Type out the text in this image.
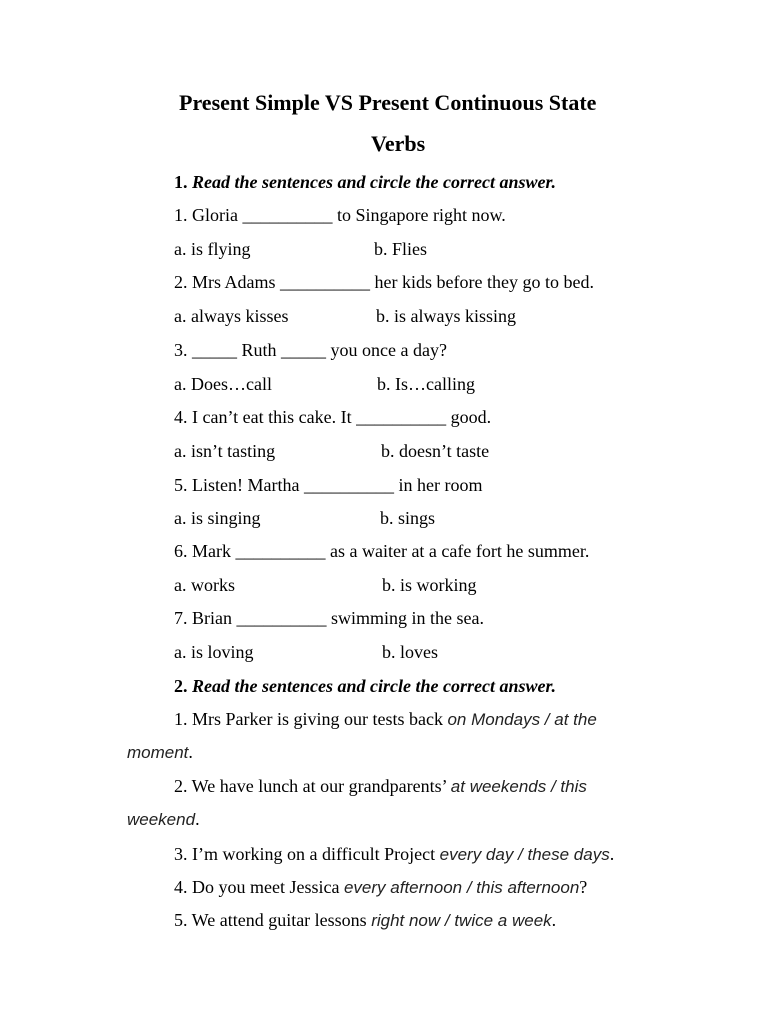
Present Simple VS Present Continuous State
Verbs
1. Read the sentences and circle the correct answer.
1. Gloria __________ to Singapore right now.
a. is flying	b. Flies
2. Mrs Adams __________ her kids before they go to bed.
a. always kisses	b. is always kissing
3. _____ Ruth _____ you once a day?
a. Does…call	b. Is…calling
4. I can’t eat this cake. It __________ good.
a. isn’t tasting	b. doesn’t taste
5. Listen! Martha __________ in her room
a. is singing	b. sings
6. Mark __________ as a waiter at a cafe fort he summer.
a. works	b. is working
7. Brian __________ swimming in the sea.
a. is loving	b. loves
2. Read the sentences and circle the correct answer.
1. Mrs Parker is giving our tests back on Mondays / at the
moment.
2. We have lunch at our grandparents’ at weekends / this
weekend.
3. I’m working on a difficult Project every day / these days.
4. Do you meet Jessica every afternoon / this afternoon?
5. We attend guitar lessons right now / twice a week.
